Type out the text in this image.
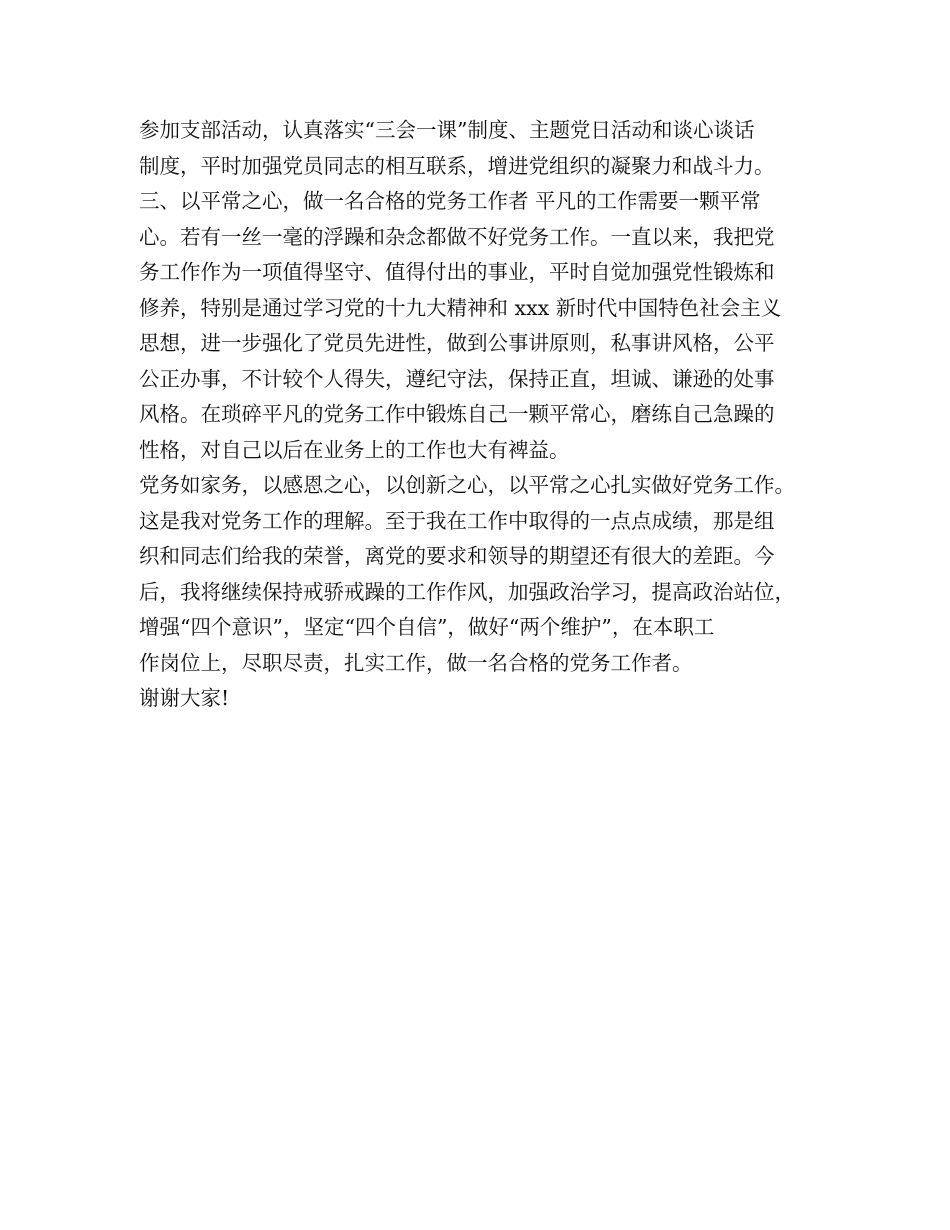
参加支部活动，认真落实“三会一课”制度、主题党日活动和谈心谈话
制度，平时加强党员同志的相互联系，增进党组织的凝聚力和战斗力。
三、以平常之心，做一名合格的党务工作者 平凡的工作需要一颗平常
心。若有一丝一毫的浮躁和杂念都做不好党务工作。一直以来，我把党
务工作作为一项值得坚守、值得付出的事业，平时自觉加强党性锻炼和
修养，特别是通过学习党的十九大精神和 xxx 新时代中国特色社会主义
思想，进一步强化了党员先进性，做到公事讲原则，私事讲风格，公平
公正办事，不计较个人得失，遵纪守法，保持正直，坦诚、谦逊的处事
风格。在琐碎平凡的党务工作中锻炼自己一颗平常心，磨练自己急躁的
性格，对自己以后在业务上的工作也大有裨益。
党务如家务，以感恩之心，以创新之心，以平常之心扎实做好党务工作。
这是我对党务工作的理解。至于我在工作中取得的一点点成绩，那是组
织和同志们给我的荣誉，离党的要求和领导的期望还有很大的差距。今
后，我将继续保持戒骄戒躁的工作作风，加强政治学习，提高政治站位，
增强“四个意识”，坚定“四个自信”，做好“两个维护”，在本职工
作岗位上，尽职尽责，扎实工作，做一名合格的党务工作者。
谢谢大家!
